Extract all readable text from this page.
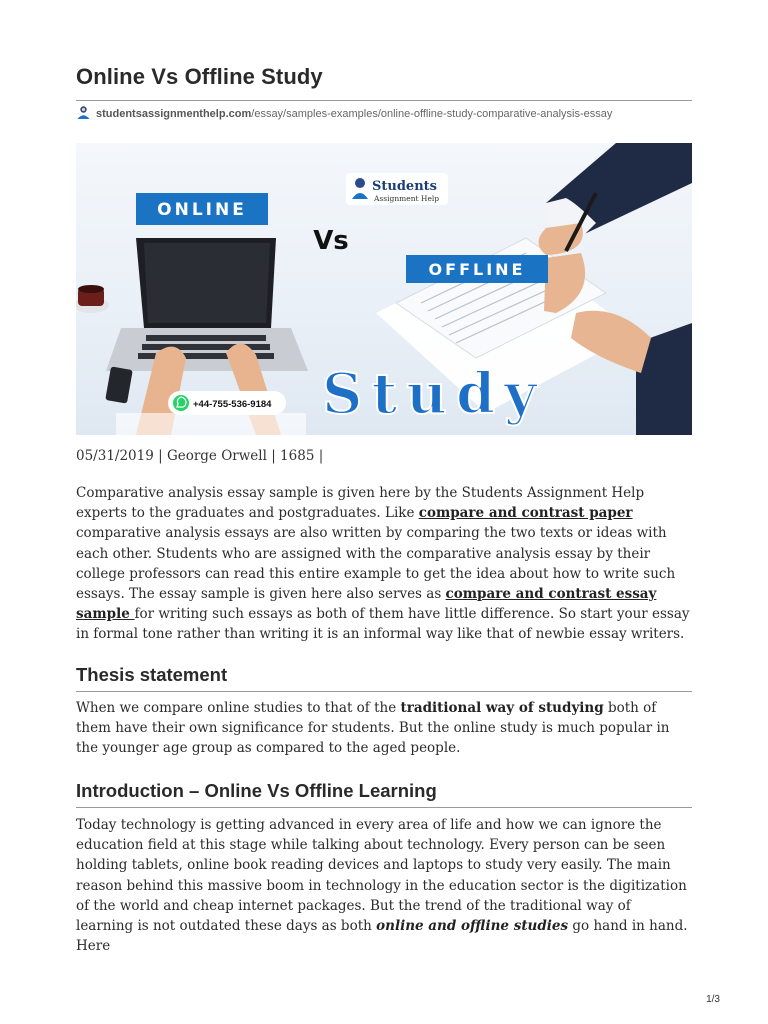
Online Vs Offline Study
studentsassignmenthelp.com/essay/samples-examples/online-offline-study-comparative-analysis-essay
ONLINE
Vs
OFFLINE
Students
Assignment Help
Study
+44-755-536-9184
05/31/2019 | George Orwell | 1685 |

Comparative analysis essay sample is given here by the Students Assignment Help experts to the graduates and postgraduates. Like compare and contrast paper comparative analysis essays are also written by comparing the two texts or ideas with each other. Students who are assigned with the comparative analysis essay by their college professors can read this entire example to get the idea about how to write such essays. The essay sample is given here also serves as compare and contrast essay sample for writing such essays as both of them have little difference. So start your essay in formal tone rather than writing it is an informal way like that of newbie essay writers.

Thesis statement

When we compare online studies to that of the traditional way of studying both of them have their own significance for students. But the online study is much popular in the younger age group as compared to the aged people.

Introduction – Online Vs Offline Learning

Today technology is getting advanced in every area of life and how we can ignore the education field at this stage while talking about technology. Every person can be seen holding tablets, online book reading devices and laptops to study very easily. The main reason behind this massive boom in technology in the education sector is the digitization of the world and cheap internet packages. But the trend of the traditional way of learning is not outdated these days as both online and offline studies go hand in hand. Here

1/3
